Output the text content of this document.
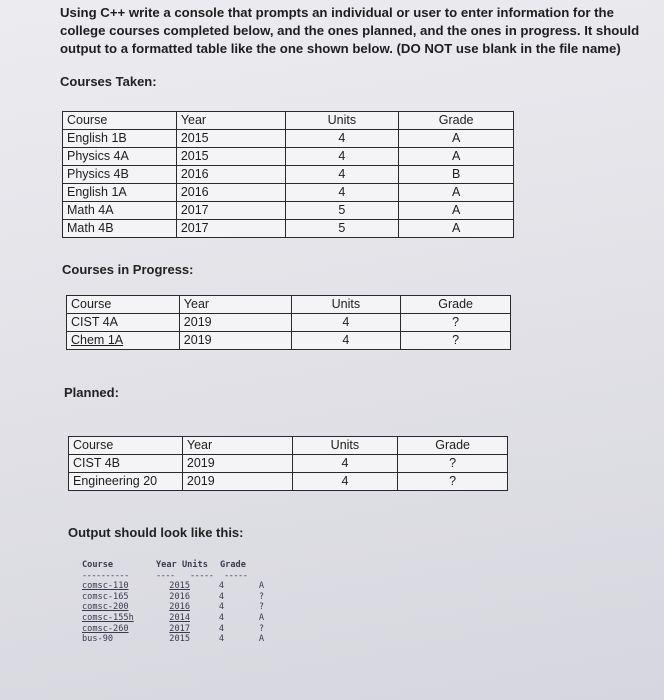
Using C++ write a console that prompts an individual or user to enter information for the college courses completed below, and the ones planned, and the ones in progress. It should output to a formatted table like the one shown below. (DO NOT use blank in the file name)
Courses Taken:
Course	Year	Units	Grade
English 1B	2015	4	A
Physics 4A	2015	4	A
Physics 4B	2016	4	B
English 1A	2016	4	A
Math 4A	2017	5	A
Math 4B	2017	5	A
Courses in Progress:
Course	Year	Units	Grade
CIST 4A	2019	4	?
Chem 1A	2019	4	?
Planned:
Course	Year	Units	Grade
CIST 4B	2019	4	?
Engineering 20	2019	4	?
Output should look like this:
Course	Year Units	Grade
----------	----	-----	-----
comsc-110	2015	4	A
comsc-165	2016	4	?
comsc-200	2016	4	?
comsc-155h	2014	4	A
comsc-260	2017	4	?
bus-90	2015	4	A
